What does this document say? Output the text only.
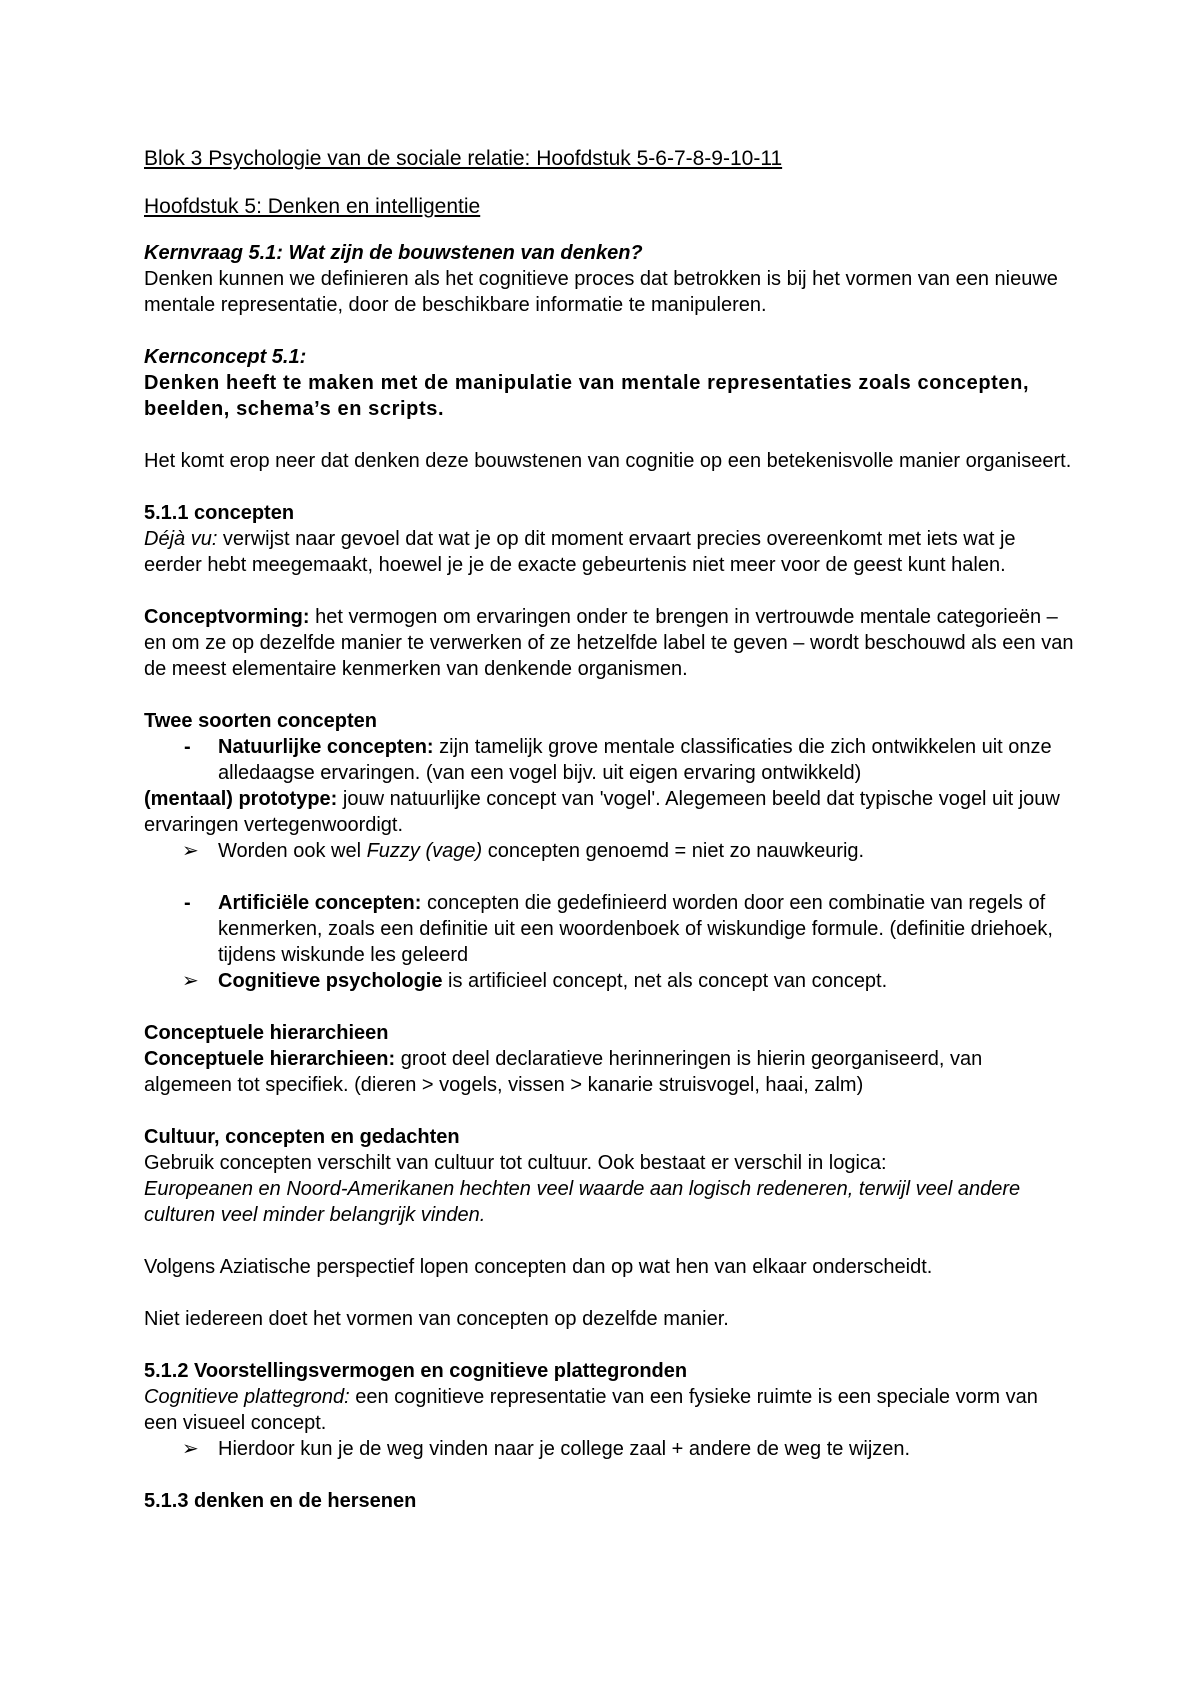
Blok 3 Psychologie van de sociale relatie: Hoofdstuk 5-6-7-8-9-10-11

Hoofdstuk 5: Denken en intelligentie

Kernvraag 5.1: Wat zijn de bouwstenen van denken?

Denken kunnen we definieren als het cognitieve proces dat betrokken is bij het vormen van een nieuwe mentale representatie, door de beschikbare informatie te manipuleren.

Kernconcept 5.1:

Denken heeft te maken met de manipulatie van mentale representaties zoals concepten, beelden, schema’s en scripts.

Het komt erop neer dat denken deze bouwstenen van cognitie op een betekenisvolle manier organiseert.

5.1.1 concepten

Déjà vu: verwijst naar gevoel dat wat je op dit moment ervaart precies overeenkomt met iets wat je eerder hebt meegemaakt, hoewel je je de exacte gebeurtenis niet meer voor de geest kunt halen.

Conceptvorming: het vermogen om ervaringen onder te brengen in vertrouwde mentale categorieën – en om ze op dezelfde manier te verwerken of ze hetzelfde label te geven – wordt beschouwd als een van de meest elementaire kenmerken van denkende organismen.

Twee soorten concepten

- Natuurlijke concepten: zijn tamelijk grove mentale classificaties die zich ontwikkelen uit onze alledaagse ervaringen. (van een vogel bijv. uit eigen ervaring ontwikkeld)

(mentaal) prototype: jouw natuurlijke concept van 'vogel'. Alegemeen beeld dat typische vogel uit jouw ervaringen vertegenwoordigt.

➢ Worden ook wel Fuzzy (vage) concepten genoemd = niet zo nauwkeurig.
- Artificiële concepten: concepten die gedefinieerd worden door een combinatie van regels of kenmerken, zoals een definitie uit een woordenboek of wiskundige formule. (definitie driehoek, tijdens wiskunde les geleerd
➢ Cognitieve psychologie is artificieel concept, net als concept van concept.

Conceptuele hierarchieen

Conceptuele hierarchieen: groot deel declaratieve herinneringen is hierin georganiseerd, van algemeen tot specifiek. (dieren > vogels, vissen > kanarie struisvogel, haai, zalm)

Cultuur, concepten en gedachten

Gebruik concepten verschilt van cultuur tot cultuur. Ook bestaat er verschil in logica:

Europeanen en Noord-Amerikanen hechten veel waarde aan logisch redeneren, terwijl veel andere culturen veel minder belangrijk vinden.

Volgens Aziatische perspectief lopen concepten dan op wat hen van elkaar onderscheidt.

Niet iedereen doet het vormen van concepten op dezelfde manier.

5.1.2 Voorstellingsvermogen en cognitieve plattegronden

Cognitieve plattegrond: een cognitieve representatie van een fysieke ruimte is een speciale vorm van een visueel concept.

➢ Hierdoor kun je de weg vinden naar je college zaal + andere de weg te wijzen.

5.1.3 denken en de hersenen
